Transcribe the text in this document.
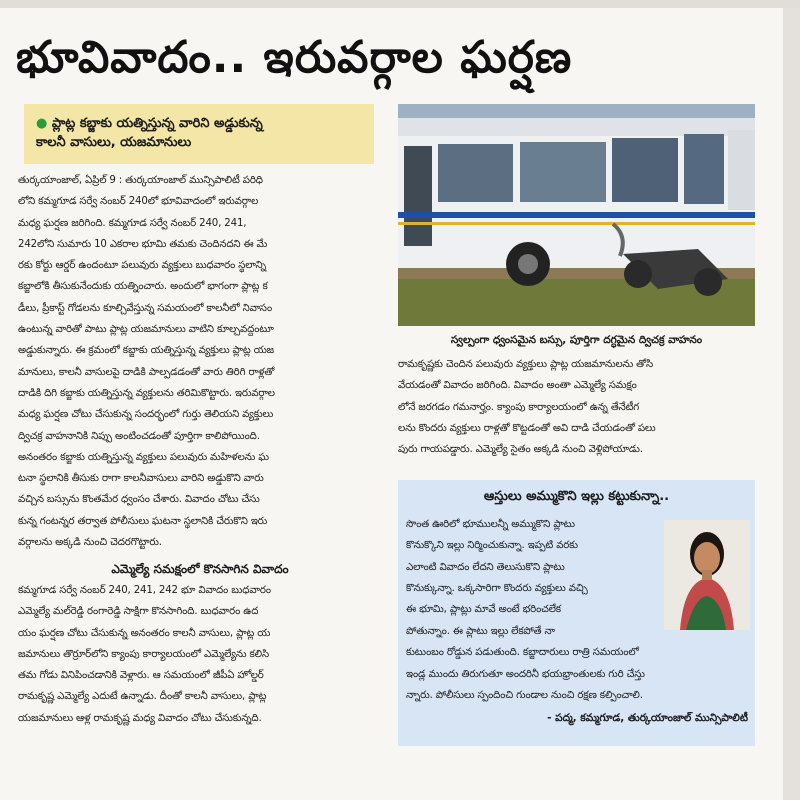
భూవివాదం.. ఇరువర్గాల ఘర్షణ
● ప్లాట్ల కబ్జాకు యత్నిస్తున్న వారిని అడ్డుకున్న
కాలనీ వాసులు, యజమానులు
తుర్కయాంజాల్, ఏప్రిల్ 9 : తుర్కయాంజాల్ మున్సిపాలిటీ పరిధి
లోని కమ్మగూడ సర్వే నంబర్ 240లో భూవివాదంలో ఇరువర్గాల
మధ్య ఘర్షణ జరిగింది. కమ్మగూడ సర్వే నంబర్ 240, 241,
242లోని సుమారు 10 ఎకరాల భూమి తమకు చెందినదని ఈ మే
రకు కోర్టు ఆర్డర్ ఉందంటూ పలువురు వ్యక్తులు బుధవారం స్థలాన్ని
కబ్జాలోకి తీసుకునేందుకు యత్నించారు. అందులో భాగంగా ప్లాట్ల క
డీలు, ప్రీకాస్ట్ గోడలను కూల్చివేస్తున్న సమయంలో కాలనీలో నివాసం
ఉంటున్న వారితో పాటు ప్లాట్ల యజమానులు వాటిని కూల్చవద్దంటూ
అడ్డుకున్నారు. ఈ క్రమంలో కబ్జాకు యత్నిస్తున్న వ్యక్తులు ప్లాట్ల యజ
మానులు, కాలనీ వాసులపై దాడికి పాల్పడడంతో వారు తిరిగి రాళ్లతో
దాడికి దిగి కబ్జాకు యత్నిస్తున్న వ్యక్తులను తరిమికొట్టారు. ఇరువర్గాల
మధ్య ఘర్షణ చోటు చేసుకున్న సందర్భంలో గుర్తు తెలియని వ్యక్తులు
ద్విచక్ర వాహనానికి నిప్పు అంటించడంతో పూర్తిగా కాలిపోయింది.
అనంతరం కబ్జాకు యత్నిస్తున్న వ్యక్తులు పలువురు మహిళలను ఘ
టనా స్థలానికి తీసుకు రాగా కాలనీవాసులు వారిని అడ్డుకొని వారు
వచ్చిన బస్సును కొంతమేర ధ్వంసం చేశారు. వివాదం చోటు చేసు
కున్న గంటన్నర తర్వాత పోలీసులు ఘటనా స్థలానికి చేరుకొని ఇరు
వర్గాలను అక్కడి నుంచి చెదరగొట్టారు.
ఎమ్మెల్యే సమక్షంలో కొనసాగిన వివాదం
కమ్మగూడ సర్వే నంబర్ 240, 241, 242 భూ వివాదం బుధవారం
ఎమ్మెల్యే మల్‌రెడ్డి రంగారెడ్డి సాక్షిగా కొనసాగింది. బుధవారం ఉద
యం ఘర్షణ చోటు చేసుకున్న అనంతరం కాలనీ వాసులు, ప్లాట్ల య
జమానులు తొర్రూర్‌లోని క్యాంపు కార్యాలయంలో ఎమ్మెల్యేను కలిసి
తమ గోడు వినిపించడానికి వెళ్లారు. ఆ సమయంలో జీపీఏ హోల్డర్
రామకృష్ణ ఎమ్మెల్యే ఎదుటే ఉన్నాడు. దీంతో కాలనీ వాసులు, ప్లాట్ల
యజమానులు ఆళ్ల రామకృష్ణ మధ్య వివాదం చోటు చేసుకున్నది.
స్వల్పంగా ధ్వంసమైన బస్సు, పూర్తిగా దగ్ధమైన ద్విచక్ర వాహనం
రామకృష్ణకు చెందిన పలువురు వ్యక్తులు ప్లాట్ల యజమానులను తోసి
వేయడంతో వివాదం జరిగింది. వివాదం అంతా ఎమ్మెల్యే సమక్షం
లోనే జరగడం గమనార్హం. క్యాంపు కార్యాలయంలో ఉన్న తేనేటీగ
లను కొందరు వ్యక్తులు రాళ్లతో కొట్టడంతో అవి దాడి చేయడంతో పలు
పురు గాయపడ్డారు. ఎమ్మెల్యే సైతం అక్కడి నుంచి వెళ్లిపోయాడు.
ఆస్తులు అమ్ముకొని ఇల్లు కట్టుకున్నా..
సొంత ఊరిలో భూములన్నీ అమ్ముకొని ప్లాటు
కొనుక్కొని ఇల్లు నిర్మించుకున్నా. ఇప్పటి వరకు
ఎలాంటి వివాదం లేదని తెలుసుకొని ప్లాటు
కొనుక్కున్నా. ఒక్కసారిగా కొందరు వ్యక్తులు వచ్చి
ఈ భూమి, ప్లాట్లు మావే అంటే భరించలేక
పోతున్నాం. ఈ ప్లాటు ఇల్లు లేకపోతే నా
కుటుంబం రోడ్డున పడుతుంది. కబ్జాదారులు రాత్రి సమయంలో
ఇండ్ల ముందు తిరుగుతూ అందరినీ భయభ్రాంతులకు గురి చేస్తు
న్నారు. పోలీసులు స్పందించి గుండాల నుంచి రక్షణ కల్పించాలి.
- పద్మ, కమ్మగూడ, తుర్కయాంజాల్ మున్సిపాలిటీ
